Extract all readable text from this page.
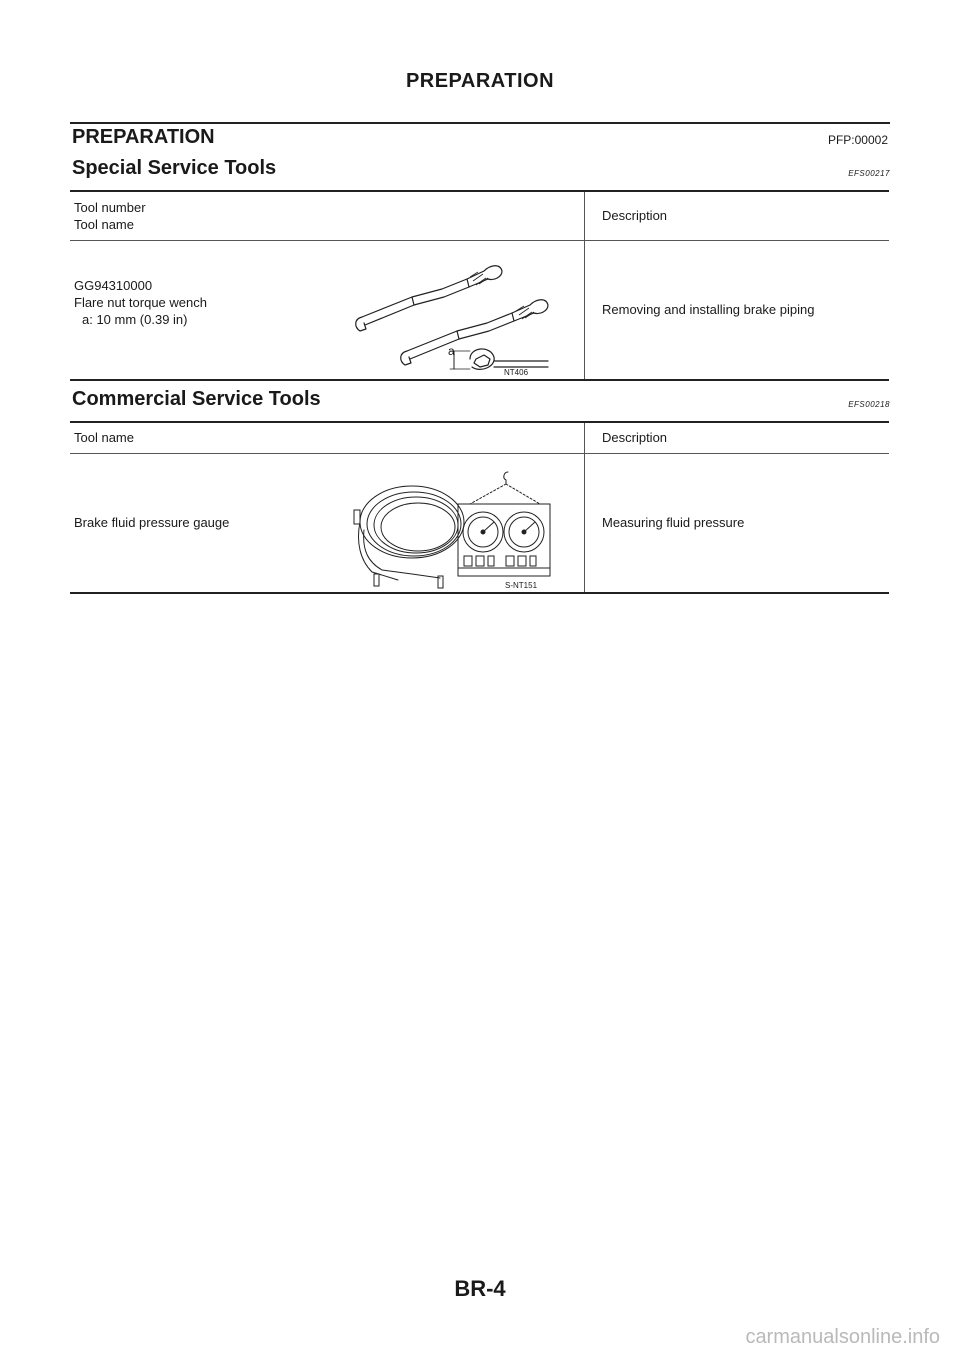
PREPARATION
PREPARATION	PFP:00002
Special Service Tools	EFS00217
Tool number
Tool name	Description

GG94310000
Flare nut torque wench
a: 10 mm (0.39 in)
a
NT406	Removing and installing brake piping
Commercial Service Tools	EFS00218
Tool name	Description

Brake fluid pressure gauge
S-NT151	Measuring fluid pressure
BR-4
carmanualsonline.info
